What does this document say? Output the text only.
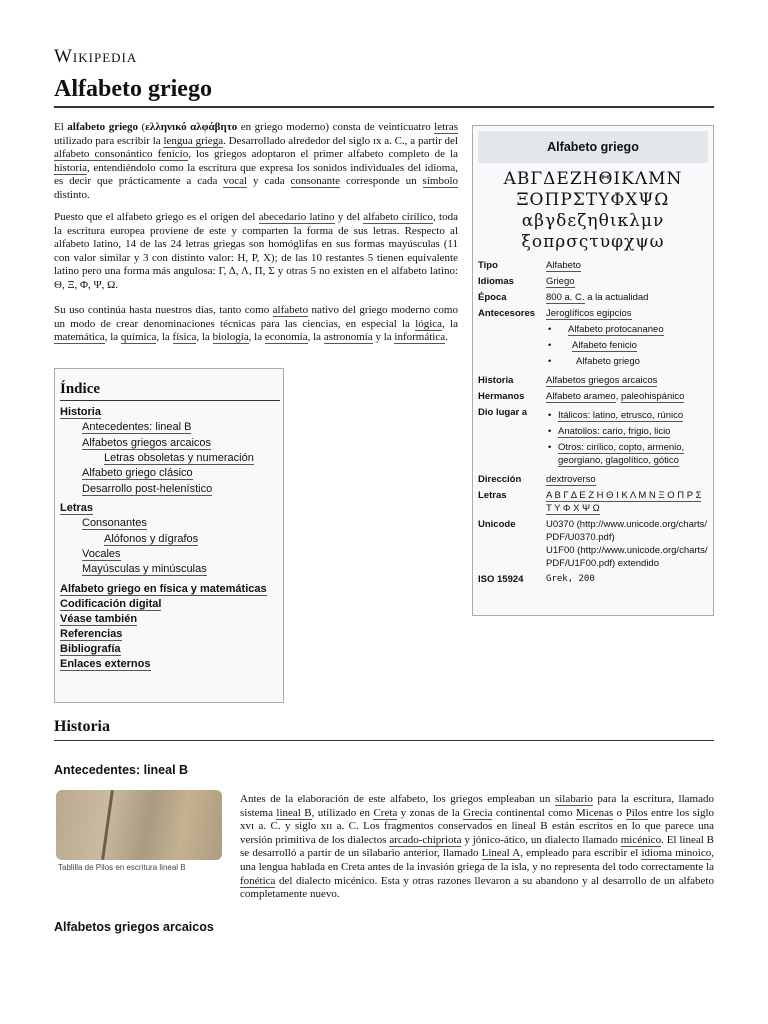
Wikipedia
Alfabeto griego

El alfabeto griego (ελληνικό αλφάβητο en griego moderno) consta de veinticuatro letras utilizado para escribir la lengua griega. Desarrollado alrededor del siglo ɪx a. C., a partir del alfabeto consonántico fenicio, los griegos adoptaron el primer alfabeto completo de la historia, entendiéndolo como la escritura que expresa los sonidos individuales del idioma, es decir que prácticamente a cada vocal y cada consonante corresponde un símbolo distinto.

Puesto que el alfabeto griego es el origen del abecedario latino y del alfabeto cirílico, toda la escritura europea proviene de este y comparten la forma de sus letras. Respecto al alfabeto latino, 14 de las 24 letras griegas son homóglifas en sus formas mayúsculas (11 con valor similar y 3 con distinto valor: Η, Ρ, Χ); de las 10 restantes 5 tienen equivalente latino pero una forma más angulosa: Γ, Δ, Λ, Π, Σ y otras 5 no existen en el alfabeto latino: Θ, Ξ, Φ, Ψ, Ω.

Su uso continúa hasta nuestros días, tanto como alfabeto nativo del griego moderno como un modo de crear denominaciones técnicas para las ciencias, en especial la lógica, la matemática, la química, la física, la biología, la economía, la astronomía y la informática.

Alfabeto griego
ΑΒΓΔΕΖΗΘΙΚΛΜΝ
ΞΟΠΡΣΤΥΦΧΨΩ
αβγδεζηθικλμν
ξοπρσςτυφχψω
Tipo	Alfabeto
Idiomas	Griego
Época	800 a. C. a la actualidad
Antecesores	Jeroglíficos egipcios
• Alfabeto protocananeo
• Alfabeto fenicio
• Alfabeto griego
Historia	Alfabetos griegos arcaicos
Hermanos	Alfabeto arameo, paleohispánico
Dio lugar a
•	Itálicos: latino, etrusco, rúnico
• Anatolios: cario, frigio, licio
• Otros: cirílico, copto, armenio, georgiano, glagolítico, gótico
Dirección	dextroverso
Letras	Α Β Γ Δ Ε Ζ Η Θ Ι Κ Λ Μ Ν Ξ Ο Π Ρ Σ Τ Υ Φ Χ Ψ Ω
Unicode	U0370 (http://www.unicode.org/charts/PDF/U0370.pdf)
U1F00 (http://www.unicode.org/charts/PDF/U1F00.pdf) extendido
ISO 15924	Grek, 200
Índice
Historia
Antecedentes: lineal B
Alfabetos griegos arcaicos
Letras obsoletas y numeración
Alfabeto griego clásico
Desarrollo post-helenístico
Letras
Consonantes
Alófonos y dígrafos
Vocales
Mayúsculas y minúsculas
Alfabeto griego en física y matemáticas
Codificación digital
Véase también
Referencias
Bibliografía
Enlaces externos
Historia
Antecedentes: lineal B
Tablilla de Pilos en escritura lineal B

Antes de la elaboración de este alfabeto, los griegos empleaban un silabario para la escritura, llamado sistema lineal B, utilizado en Creta y zonas de la Grecia continental como Micenas o Pilos entre los siglo xvɪ a. C. y siglo xɪɪ a. C. Los fragmentos conservados en lineal B están escritos en lo que parece una versión primitiva de los dialectos arcado-chipriota y jónico-ático, un dialecto llamado micénico. El lineal B se desarrolló a partir de un silabario anterior, llamado Lineal A, empleado para escribir el idioma minoico, una lengua hablada en Creta antes de la invasión griega de la isla, y no representa del todo correctamente la fonética del dialecto micénico. Esta y otras razones llevaron a su abandono y al desarrollo de un alfabeto completamente nuevo.

Alfabetos griegos arcaicos
